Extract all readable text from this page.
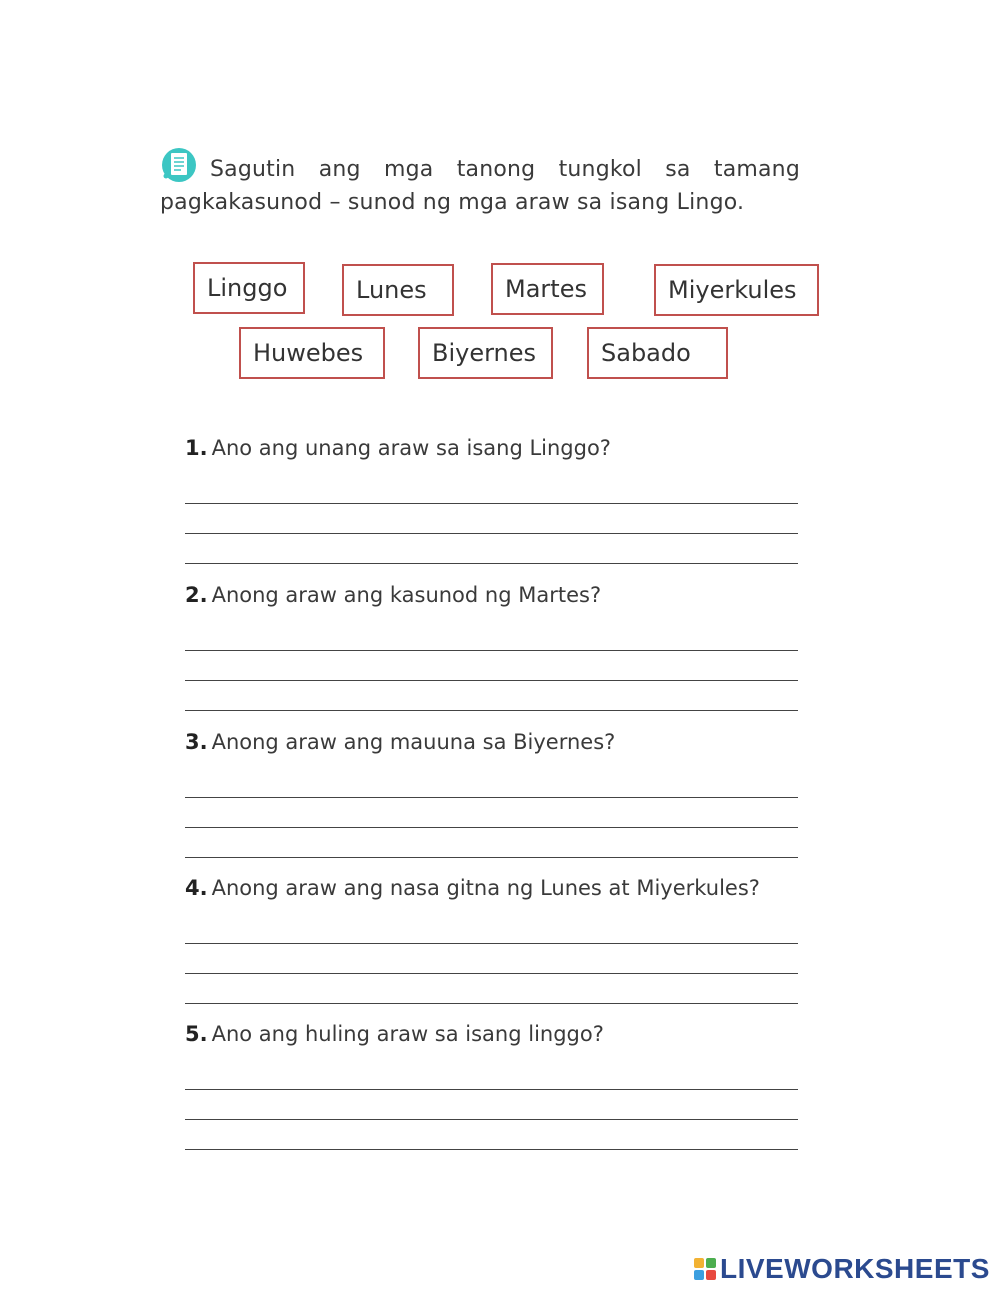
Sagutin ang mga tanong tungkol sa tamang pagkakasunod – sunod ng mga araw sa isang Lingo.
Linggo	Lunes	Martes	Miyerkules
Huwebes	Biyernes	Sabado
1. Ano ang unang araw sa isang Linggo?
2. Anong araw ang kasunod ng Martes?
3. Anong araw ang mauuna sa Biyernes?
4. Anong araw ang nasa gitna ng Lunes at Miyerkules?
5. Ano ang huling araw sa isang linggo?
LIVEWORKSHEETS
